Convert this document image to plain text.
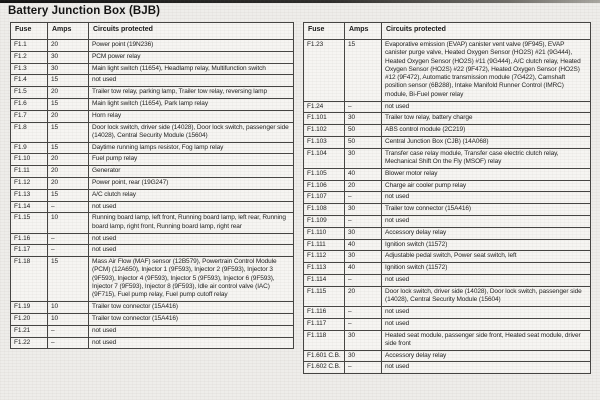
Battery Junction Box (BJB)
Fuse	Amps	Circuits protected
F1.1	20	Power point (19N236)
F1.2	30	PCM power relay
F1.3	30	Main light switch (11654), Headlamp relay, Multifunction switch
F1.4	15	not used
F1.5	20	Trailer tow relay, parking lamp, Trailer tow relay, reversing lamp
F1.6	15	Main light switch (11654), Park lamp relay
F1.7	20	Horn relay
F1.8	15	Door lock switch, driver side (14028), Door lock switch, passenger side (14028), Central Security Module (15604)
F1.9	15	Daytime running lamps resistor, Fog lamp relay
F1.10	20	Fuel pump relay
F1.11	20	Generator
F1.12	20	Power point, rear (19G247)
F1.13	15	A/C clutch relay
F1.14	–	not used
F1.15	10	Running board lamp, left front, Running board lamp, left rear, Running board lamp, right front, Running board lamp, right rear
F1.16	–	not used
F1.17	–	not used
F1.18	15	Mass Air Flow (MAF) sensor (12B579), Powertrain Control Module (PCM) (12A650), Injector 1 (9F593), Injector 2 (9F593), Injector 3 (9F593), Injector 4 (9F593), Injector 5 (9F593), Injector 6 (9F593), Injector 7 (9F593), Injector 8 (9F593), Idle air control valve (IAC) (9F715), Fuel pump relay, Fuel pump cutoff relay
F1.19	10	Trailer tow connector (15A416)
F1.20	10	Trailer tow connector (15A416)
F1.21	–	not used
F1.22	–	not used
Fuse	Amps	Circuits protected
F1.23	15	Evaporative emission (EVAP) canister vent valve (9F945), EVAP canister purge valve, Heated Oxygen Sensor (HO2S) #21 (9G444), Heated Oxygen Sensor (HO2S) #11 (9G444), A/C clutch relay, Heated Oxygen Sensor (HO2S) #22 (9F472), Heated Oxygen Sensor (HO2S) #12 (9F472), Automatic transmission module (7G422), Camshaft position sensor (6B288), Intake Manifold Runner Control (IMRC) module, Bi-Fuel power relay
F1.24	–	not used
F1.101	30	Trailer tow relay, battery charge
F1.102	50	ABS control module (2C219)
F1.103	50	Central Junction Box (CJB) (14A068)
F1.104	30	Transfer case relay module, Transfer case electric clutch relay, Mechanical Shift On the Fly (MSOF) relay
F1.105	40	Blower motor relay
F1.106	20	Charge air cooler pump relay
F1.107	–	not used
F1.108	30	Trailer tow connector (15A416)
F1.109	–	not used
F1.110	30	Accessory delay relay
F1.111	40	Ignition switch (11572)
F1.112	30	Adjustable pedal switch, Power seat switch, left
F1.113	40	Ignition switch (11572)
F1.114	–	not used
F1.115	20	Door lock switch, driver side (14028), Door lock switch, passenger side (14028), Central Security Module (15604)
F1.116	–	not used
F1.117	–	not used
F1.118	30	Heated seat module, passenger side front, Heated seat module, driver side front
F1.601 C.B.	30	Accessory delay relay
F1.602 C.B.	–	not used
